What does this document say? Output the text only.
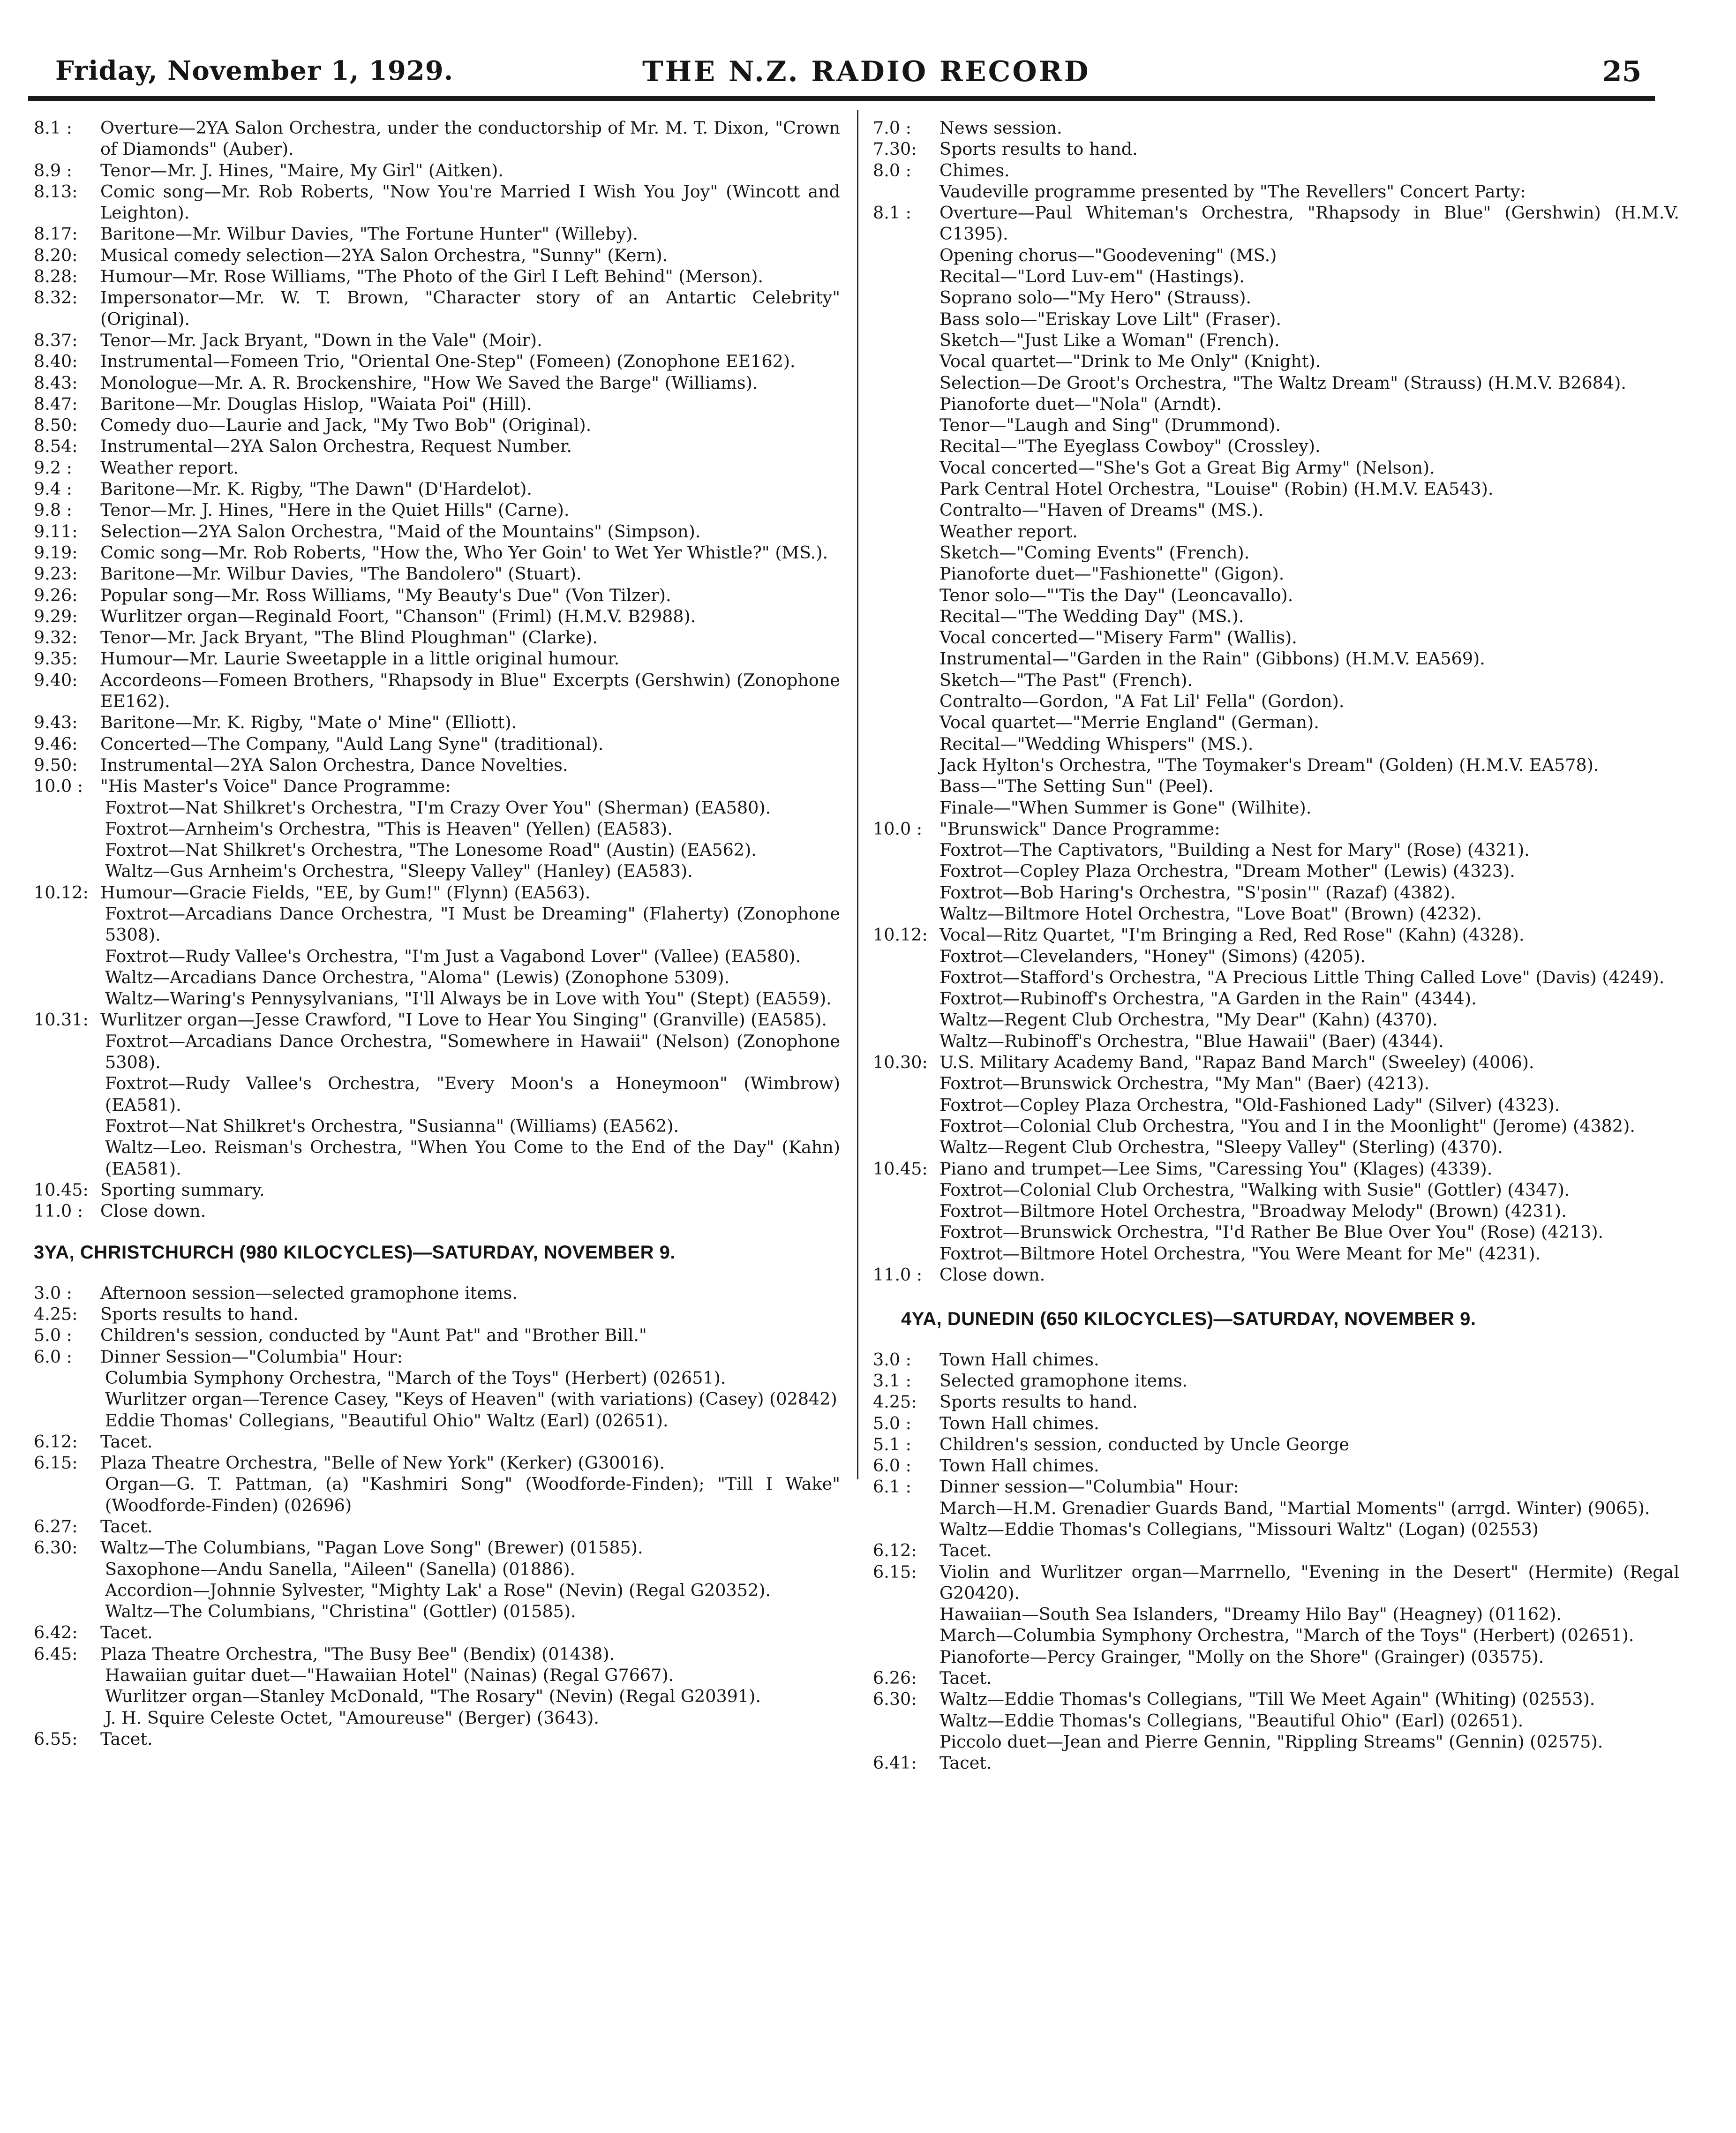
Friday, November 1, 1929.	THE N.Z. RADIO RECORD	25
8.1 :	Overture—2YA Salon Orchestra, under the conductorship of Mr. M. T. Dixon, "Crown of Diamonds" (Auber).
8.9 :	Tenor—Mr. J. Hines, "Maire, My Girl" (Aitken).
8.13:	Comic song—Mr. Rob Roberts, "Now You're Married I Wish You Joy" (Wincott and Leighton).
8.17:	Baritone—Mr. Wilbur Davies, "The Fortune Hunter" (Willeby).
8.20:	Musical comedy selection—2YA Salon Orchestra, "Sunny" (Kern).
8.28:	Humour—Mr. Rose Williams, "The Photo of the Girl I Left Behind" (Merson).
8.32:	Impersonator—Mr. W. T. Brown, "Character story of an Antartic Celebrity" (Original).
8.37:	Tenor—Mr. Jack Bryant, "Down in the Vale" (Moir).
8.40:	Instrumental—Fomeen Trio, "Oriental One-Step" (Fomeen) (Zonophone EE162).
8.43:	Monologue—Mr. A. R. Brockenshire, "How We Saved the Barge" (Williams).
8.47:	Baritone—Mr. Douglas Hislop, "Waiata Poi" (Hill).
8.50:	Comedy duo—Laurie and Jack, "My Two Bob" (Original).
8.54:	Instrumental—2YA Salon Orchestra, Request Number.
9.2 :	Weather report.
9.4 :	Baritone—Mr. K. Rigby, "The Dawn" (D'Hardelot).
9.8 :	Tenor—Mr. J. Hines, "Here in the Quiet Hills" (Carne).
9.11:	Selection—2YA Salon Orchestra, "Maid of the Mountains" (Simpson).
9.19:	Comic song—Mr. Rob Roberts, "How the, Who Yer Goin' to Wet Yer Whistle?" (MS.).
9.23:	Baritone—Mr. Wilbur Davies, "The Bandolero" (Stuart).
9.26:	Popular song—Mr. Ross Williams, "My Beauty's Due" (Von Tilzer).
9.29:	Wurlitzer organ—Reginald Foort, "Chanson" (Friml) (H.M.V. B2988).
9.32:	Tenor—Mr. Jack Bryant, "The Blind Ploughman" (Clarke).
9.35:	Humour—Mr. Laurie Sweetapple in a little original humour.
9.40:	Accordeons—Fomeen Brothers, "Rhapsody in Blue" Excerpts (Gershwin) (Zonophone EE162).
9.43:	Baritone—Mr. K. Rigby, "Mate o' Mine" (Elliott).
9.46:	Concerted—The Company, "Auld Lang Syne" (traditional).
9.50:	Instrumental—2YA Salon Orchestra, Dance Novelties.
10.0 :	"His Master's Voice" Dance Programme:
Foxtrot—Nat Shilkret's Orchestra, "I'm Crazy Over You" (Sherman) (EA580).
Foxtrot—Arnheim's Orchestra, "This is Heaven" (Yellen) (EA583).
Foxtrot—Nat Shilkret's Orchestra, "The Lonesome Road" (Austin) (EA562).
Waltz—Gus Arnheim's Orchestra, "Sleepy Valley" (Hanley) (EA583).
10.12: Humour—Gracie Fields, "EE, by Gum!" (Flynn) (EA563).
Foxtrot—Arcadians Dance Orchestra, "I Must be Dreaming" (Flaherty) (Zonophone 5308).
Foxtrot—Rudy Vallee's Orchestra, "I'm Just a Vagabond Lover" (Vallee) (EA580).
Waltz—Arcadians Dance Orchestra, "Aloma" (Lewis) (Zonophone 5309).
Waltz—Waring's Pennysylvanians, "I'll Always be in Love with You" (Stept) (EA559).
10.31: Wurlitzer organ—Jesse Crawford, "I Love to Hear You Singing" (Granville) (EA585).
Foxtrot—Arcadians Dance Orchestra, "Somewhere in Hawaii" (Nelson) (Zonophone 5308).
Foxtrot—Rudy Vallee's Orchestra, "Every Moon's a Honeymoon" (Wimbrow) (EA581).
Foxtrot—Nat Shilkret's Orchestra, "Susianna" (Williams) (EA562).
Waltz—Leo. Reisman's Orchestra, "When You Come to the End of the Day" (Kahn) (EA581).
10.45: Sporting summary.
11.0 :	Close down.
3YA, CHRISTCHURCH (980 KILOCYCLES)—SATURDAY, NOVEMBER 9.
3.0 :	Afternoon session—selected gramophone items.
4.25:	Sports results to hand.
5.0 :	Children's session, conducted by "Aunt Pat" and "Brother Bill."
6.0 :	Dinner Session—"Columbia" Hour:
Columbia Symphony Orchestra, "March of the Toys" (Herbert) (02651).
Wurlitzer organ—Terence Casey, "Keys of Heaven" (with variations) (Casey) (02842)
Eddie Thomas' Collegians, "Beautiful Ohio" Waltz (Earl) (02651).
6.12:	Tacet.
6.15:	Plaza Theatre Orchestra, "Belle of New York" (Kerker) (G30016).
Organ—G. T. Pattman, (a) "Kashmiri Song" (Woodforde-Finden); "Till I Wake" (Woodforde-Finden) (02696)
6.27:	Tacet.
6.30:	Waltz—The Columbians, "Pagan Love Song" (Brewer) (01585).
Saxophone—Andu Sanella, "Aileen" (Sanella) (01886).
Accordion—Johnnie Sylvester, "Mighty Lak' a Rose" (Nevin) (Regal G20352).
Waltz—The Columbians, "Christina" (Gottler) (01585).
6.42:	Tacet.
6.45:	Plaza Theatre Orchestra, "The Busy Bee" (Bendix) (01438).
Hawaiian guitar duet—"Hawaiian Hotel" (Nainas) (Regal G7667).
Wurlitzer organ—Stanley McDonald, "The Rosary" (Nevin) (Regal G20391).
J. H. Squire Celeste Octet, "Amoureuse" (Berger) (3643).
6.55:	Tacet.
7.0 :	News session.
7.30:	Sports results to hand.
8.0 :	Chimes.
Vaudeville programme presented by "The Revellers" Concert Party:
8.1 :	Overture—Paul Whiteman's Orchestra, "Rhapsody in Blue" (Gershwin) (H.M.V. C1395).
Opening chorus—"Goodevening" (MS.)
Recital—"Lord Luv-em" (Hastings).
Soprano solo—"My Hero" (Strauss).
Bass solo—"Eriskay Love Lilt" (Fraser).
Sketch—"Just Like a Woman" (French).
Vocal quartet—"Drink to Me Only" (Knight).
Selection—De Groot's Orchestra, "The Waltz Dream" (Strauss) (H.M.V. B2684).
Pianoforte duet—"Nola" (Arndt).
Tenor—"Laugh and Sing" (Drummond).
Recital—"The Eyeglass Cowboy" (Crossley).
Vocal concerted—"She's Got a Great Big Army" (Nelson).
Park Central Hotel Orchestra, "Louise" (Robin) (H.M.V. EA543).
Contralto—"Haven of Dreams" (MS.).
Weather report.
Sketch—"Coming Events" (French).
Pianoforte duet—"Fashionette" (Gigon).
Tenor solo—"'Tis the Day" (Leoncavallo).
Recital—"The Wedding Day" (MS.).
Vocal concerted—"Misery Farm" (Wallis).
Instrumental—"Garden in the Rain" (Gibbons) (H.M.V. EA569).
Sketch—"The Past" (French).
Contralto—Gordon, "A Fat Lil' Fella" (Gordon).
Vocal quartet—"Merrie England" (German).
Recital—"Wedding Whispers" (MS.).
Jack Hylton's Orchestra, "The Toymaker's Dream" (Golden) (H.M.V. EA578).
Bass—"The Setting Sun" (Peel).
Finale—"When Summer is Gone" (Wilhite).
10.0 :	"Brunswick" Dance Programme:
Foxtrot—The Captivators, "Building a Nest for Mary" (Rose) (4321).
Foxtrot—Copley Plaza Orchestra, "Dream Mother" (Lewis) (4323).
Foxtrot—Bob Haring's Orchestra, "S'posin'" (Razaf) (4382).
Waltz—Biltmore Hotel Orchestra, "Love Boat" (Brown) (4232).
10.12: Vocal—Ritz Quartet, "I'm Bringing a Red, Red Rose" (Kahn) (4328).
Foxtrot—Clevelanders, "Honey" (Simons) (4205).
Foxtrot—Stafford's Orchestra, "A Precious Little Thing Called Love" (Davis) (4249).
Foxtrot—Rubinoff's Orchestra, "A Garden in the Rain" (4344).
Waltz—Regent Club Orchestra, "My Dear" (Kahn) (4370).
Waltz—Rubinoff's Orchestra, "Blue Hawaii" (Baer) (4344).
10.30: U.S. Military Academy Band, "Rapaz Band March" (Sweeley) (4006).
Foxtrot—Brunswick Orchestra, "My Man" (Baer) (4213).
Foxtrot—Copley Plaza Orchestra, "Old-Fashioned Lady" (Silver) (4323).
Foxtrot—Colonial Club Orchestra, "You and I in the Moonlight" (Jerome) (4382).
Waltz—Regent Club Orchestra, "Sleepy Valley" (Sterling) (4370).
10.45: Piano and trumpet—Lee Sims, "Caressing You" (Klages) (4339).
Foxtrot—Colonial Club Orchestra, "Walking with Susie" (Gottler) (4347).
Foxtrot—Biltmore Hotel Orchestra, "Broadway Melody" (Brown) (4231).
Foxtrot—Brunswick Orchestra, "I'd Rather Be Blue Over You" (Rose) (4213).
Foxtrot—Biltmore Hotel Orchestra, "You Were Meant for Me" (4231).
11.0 :	Close down.
4YA, DUNEDIN (650 KILOCYCLES)—SATURDAY, NOVEMBER 9.
3.0 :	Town Hall chimes.
3.1 :	Selected gramophone items.
4.25:	Sports results to hand.
5.0 :	Town Hall chimes.
5.1 :	Children's session, conducted by Uncle George
6.0 :	Town Hall chimes.
6.1 :	Dinner session—"Columbia" Hour:
March—H.M. Grenadier Guards Band, "Martial Moments" (arrgd. Winter) (9065).
Waltz—Eddie Thomas's Collegians, "Missouri Waltz" (Logan) (02553)
6.12:	Tacet.
6.15:	Violin and Wurlitzer organ—Marrnello, "Evening in the Desert" (Hermite) (Regal G20420).
Hawaiian—South Sea Islanders, "Dreamy Hilo Bay" (Heagney) (01162).
March—Columbia Symphony Orchestra, "March of the Toys" (Herbert) (02651).
Pianoforte—Percy Grainger, "Molly on the Shore" (Grainger) (03575).
6.26:	Tacet.
6.30:	Waltz—Eddie Thomas's Collegians, "Till We Meet Again" (Whiting) (02553).
Waltz—Eddie Thomas's Collegians, "Beautiful Ohio" (Earl) (02651).
Piccolo duet—Jean and Pierre Gennin, "Rippling Streams" (Gennin) (02575).
6.41:	Tacet.
